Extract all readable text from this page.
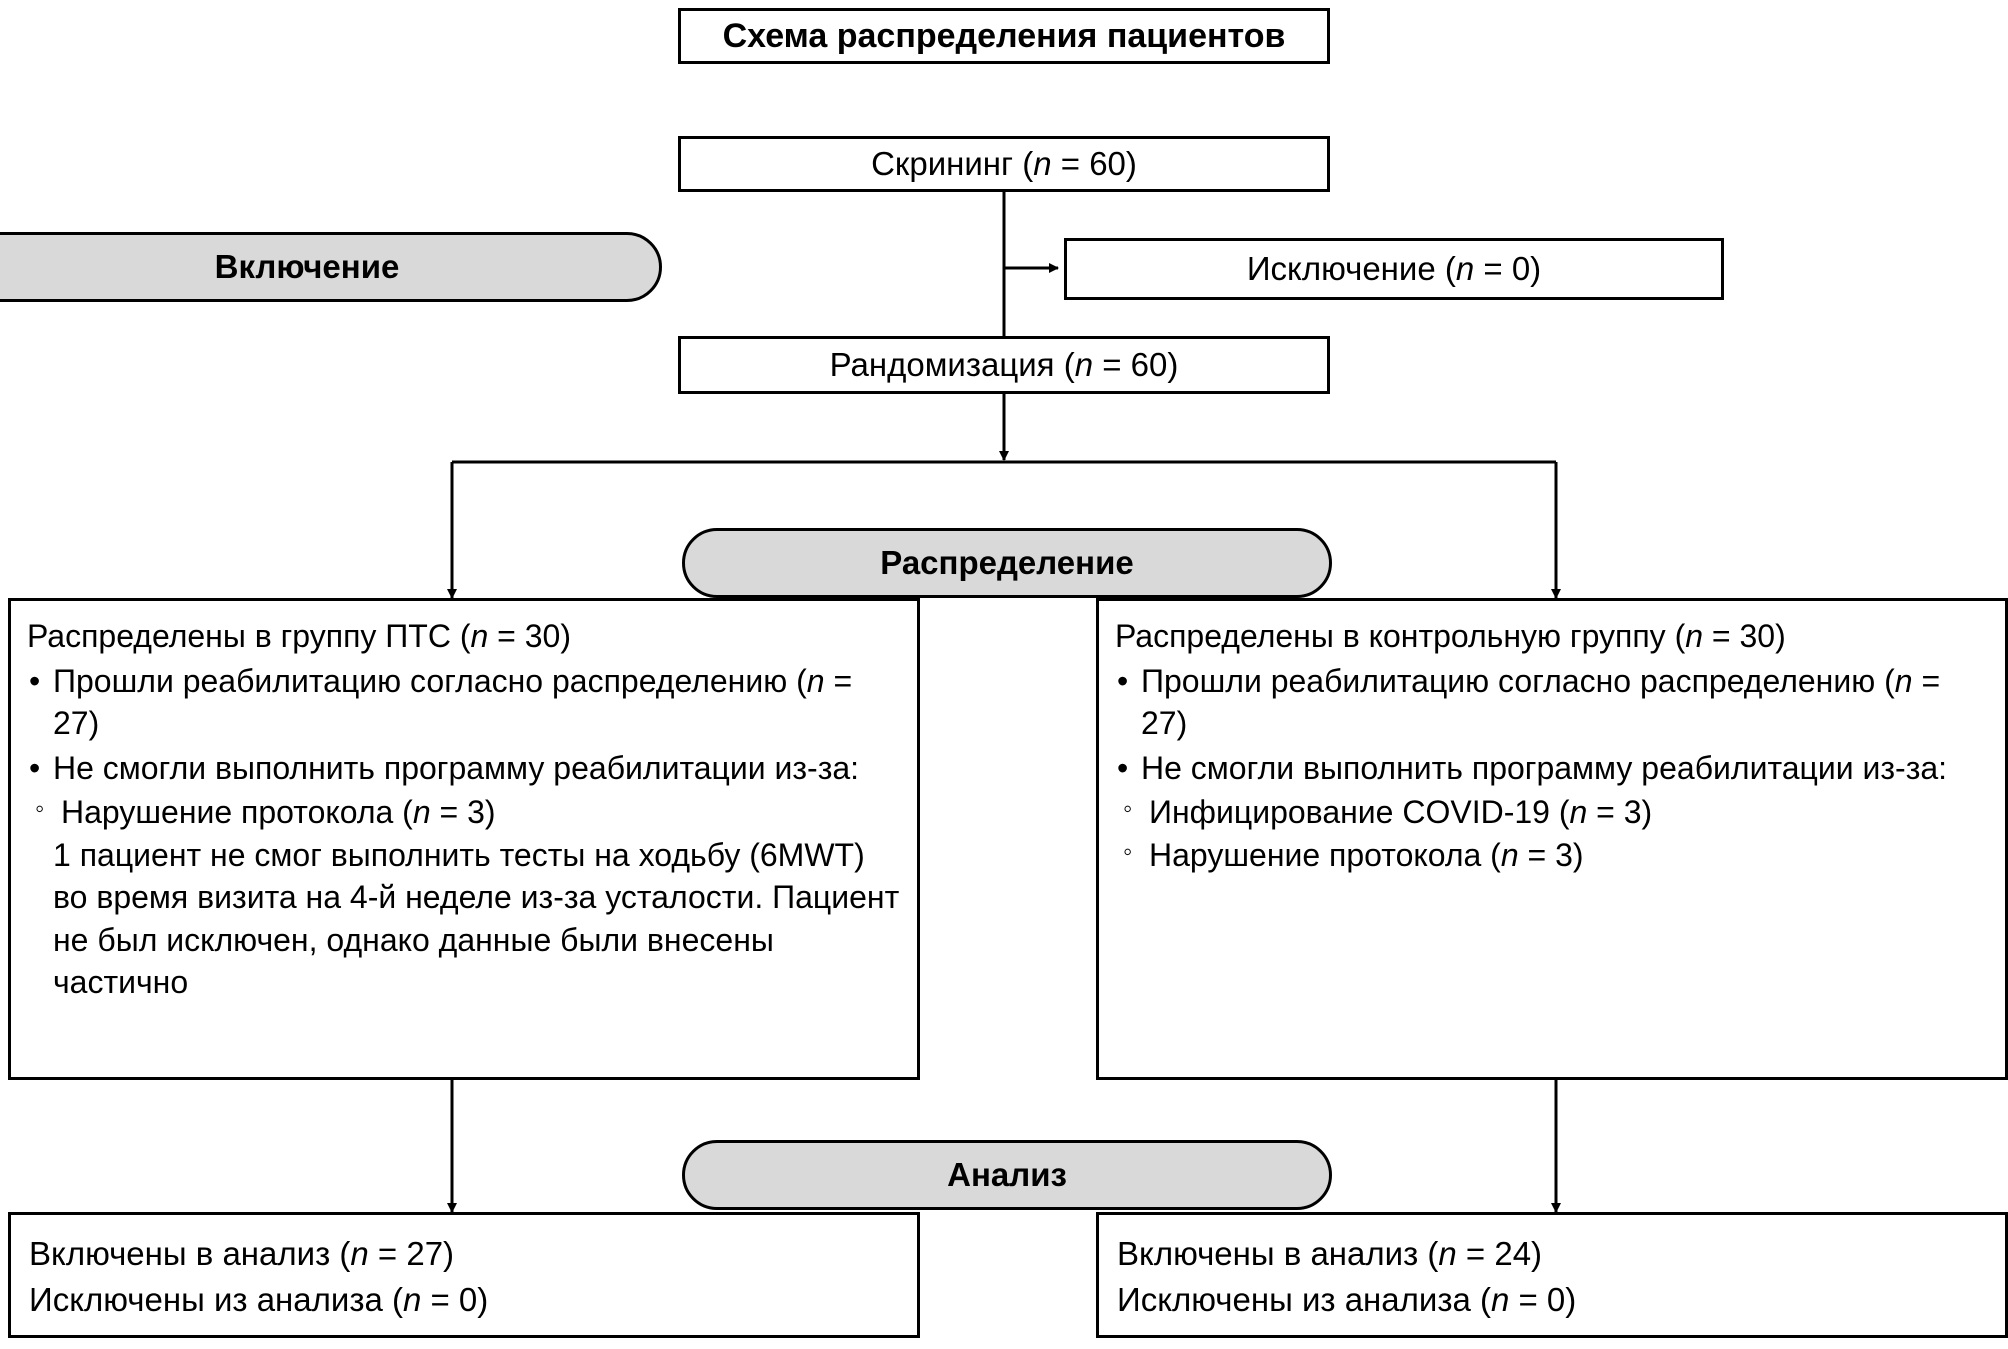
Схема распределения пациентов
Скрининг (n = 60)
Включение	Исключение (n = 0)
Рандомизация (n = 60)
Распределение
Распределены в группу ПТС (n = 30)
• Прошли реабилитацию согласно распределению (n = 27)
• Не смогли выполнить программу реабилитации из-за:
◦ Нарушение протокола (n = 3)
1 пациент не смог выполнить тесты на ходьбу (6MWT) во время визита на 4-й неделе из-за усталости. Пациент не был исключен, однако данные были внесены частично
Распределены в контрольную группу (n = 30)
• Прошли реабилитацию согласно распределению (n = 27)
• Не смогли выполнить программу реабилитации из-за:
◦ Инфицирование COVID-19 (n = 3)
◦ Нарушение протокола (n = 3)
Анализ
Включены в анализ (n = 27)
Исключены из анализа (n = 0)
Включены в анализ (n = 24)
Исключены из анализа (n = 0)
